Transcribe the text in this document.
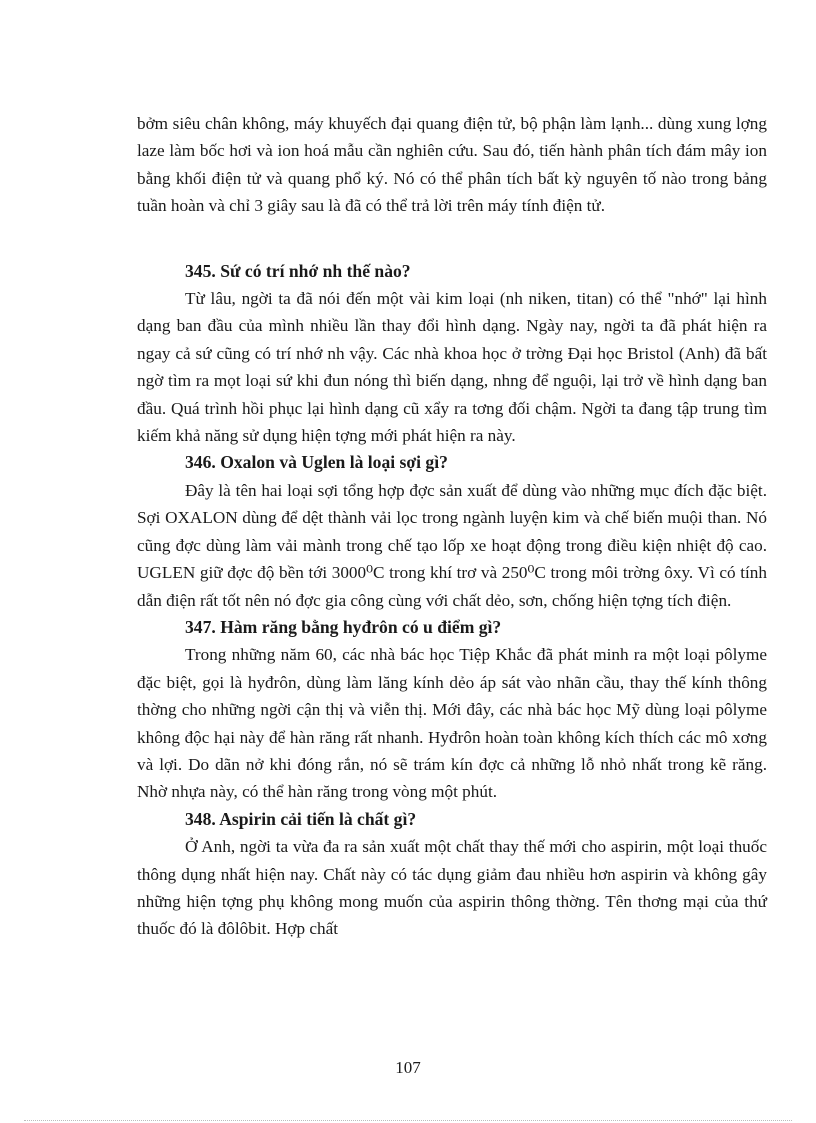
bởm siêu chân không, máy khuyếch đại quang điện tử, bộ phận làm lạnh... dùng xung lợng laze làm bốc hơi và ion hoá mẫu cần nghiên cứu. Sau đó, tiến hành phân tích đám mây ion bằng khối điện tử và quang phổ ký. Nó có thể phân tích bất kỳ nguyên tố nào trong bảng tuần hoàn và chỉ 3 giây sau là đã có thể trả lời trên máy tính điện tử.

345. Sứ có trí nhớ nh thế nào?

Từ lâu, ngời ta đã nói đến một vài kim loại (nh niken, titan) có thể "nhớ" lại hình dạng ban đầu của mình nhiều lần thay đổi hình dạng. Ngày nay, ngời ta đã phát hiện ra ngay cả sứ cũng có trí nhớ nh vậy. Các nhà khoa học ở trờng Đại học Bristol (Anh) đã bất ngờ tìm ra mọt loại sứ khi đun nóng thì biến dạng, nhng để nguội, lại trở về hình dạng ban đầu. Quá trình hồi phục lại hình dạng cũ xẩy ra tơng đối chậm. Ngời ta đang tập trung tìm kiếm khả năng sử dụng hiện tợng mới phát hiện ra này.

346. Oxalon và Uglen là loại sợi gì?

Đây là tên hai loại sợi tổng hợp đợc sản xuất để dùng vào những mục đích đặc biệt. Sợi OXALON dùng để dệt thành vải lọc trong ngành luyện kim và chế biến muội than. Nó cũng đợc dùng làm vải mành trong chế tạo lốp xe hoạt động trong điều kiện nhiệt độ cao. UGLEN giữ đợc độ bền tới 3000⁰C trong khí trơ và 250⁰C trong môi trờng ôxy. Vì có tính dẫn điện rất tốt nên nó đợc gia công cùng với chất dẻo, sơn, chống hiện tợng tích điện.

347. Hàm răng bằng hyđrôn có u điểm gì?

Trong những năm 60, các nhà bác học Tiệp Khắc đã phát minh ra một loại pôlyme đặc biệt, gọi là hyđrôn, dùng làm lăng kính dẻo áp sát vào nhãn cầu, thay thế kính thông thờng cho những ngời cận thị và viễn thị. Mới đây, các nhà bác học Mỹ dùng loại pôlyme không độc hại này để hàn răng rất nhanh. Hyđrôn hoàn toàn không kích thích các mô xơng và lợi. Do dãn nở khi đóng rắn, nó sẽ trám kín đợc cả những lỗ nhỏ nhất trong kẽ răng. Nhờ nhựa này, có thể hàn răng trong vòng một phút.

348. Aspirin cải tiến là chất gì?

Ở Anh, ngời ta vừa đa ra sản xuất một chất thay thế mới cho aspirin, một loại thuốc thông dụng nhất hiện nay. Chất này có tác dụng giảm đau nhiều hơn aspirin và không gây những hiện tợng phụ không mong muốn của aspirin thông thờng. Tên thơng mại của thứ thuốc đó là đôlôbit. Hợp chất

107
